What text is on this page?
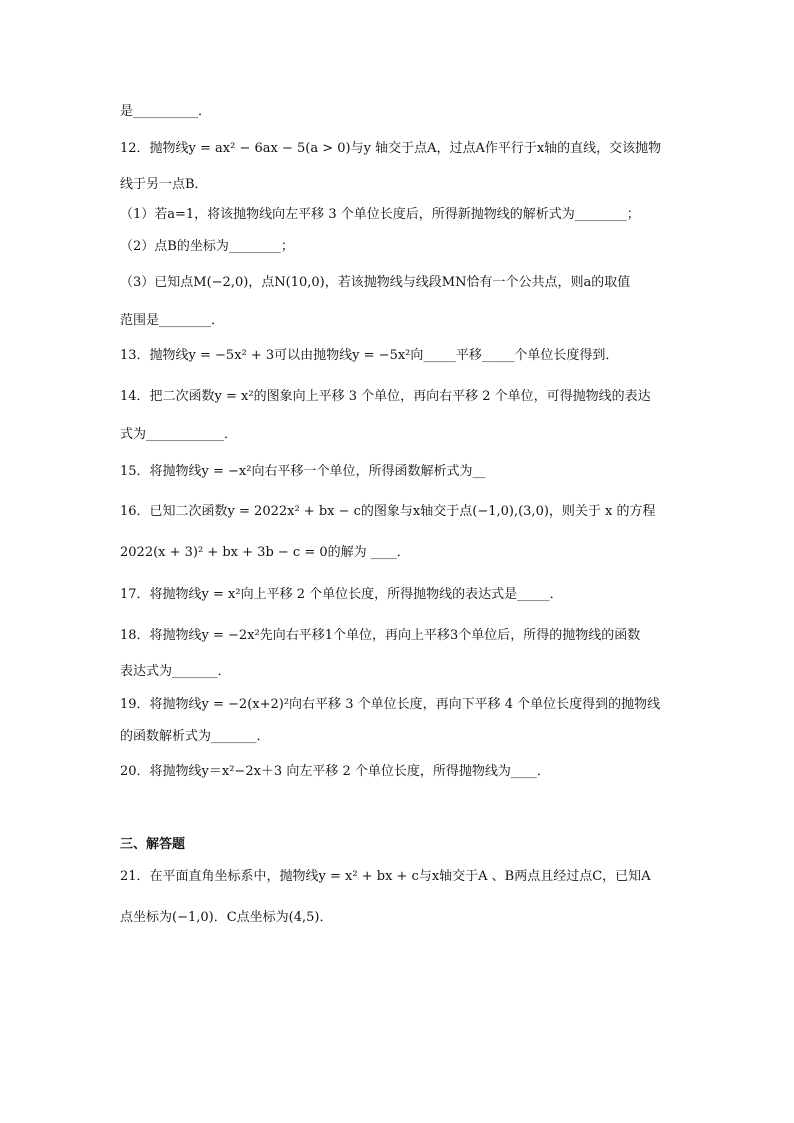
是__________．
12．抛物线y = ax² − 6ax − 5(a > 0)与y 轴交于点A，过点A作平行于x轴的直线，交该抛物
线于另一点B．
（1）若a=1，将该抛物线向左平移 3 个单位长度后，所得新抛物线的解析式为________；
（2）点B的坐标为________；
（3）已知点M(−2,0)，点N(10,0)，若该抛物线与线段MN恰有一个公共点，则a的取值
范围是________．
13．抛物线y = −5x² + 3可以由抛物线y = −5x²向_____平移_____个单位长度得到．
14．把二次函数y = x²的图象向上平移 3 个单位，再向右平移 2 个单位，可得抛物线的表达
式为____________．
15．将抛物线y = −x²向右平移一个单位，所得函数解析式为__
16．已知二次函数y = 2022x² + bx − c的图象与x轴交于点(−1,0),(3,0)，则关于 x 的方程
2022(x + 3)² + bx + 3b − c = 0的解为 ____．
17．将抛物线y = x²向上平移 2 个单位长度，所得抛物线的表达式是_____．
18．将抛物线y = −2x²先向右平移1个单位，再向上平移3个单位后，所得的抛物线的函数
表达式为_______．
19．将抛物线y = −2(x+2)²向右平移 3 个单位长度，再向下平移 4 个单位长度得到的抛物线
的函数解析式为_______．
20．将抛物线y＝x²−2x＋3 向左平移 2 个单位长度，所得抛物线为____．
三、解答题
21．在平面直角坐标系中，抛物线y = x² + bx + c与x轴交于A 、B两点且经过点C，已知A
点坐标为(−1,0)．C点坐标为(4,5)．
